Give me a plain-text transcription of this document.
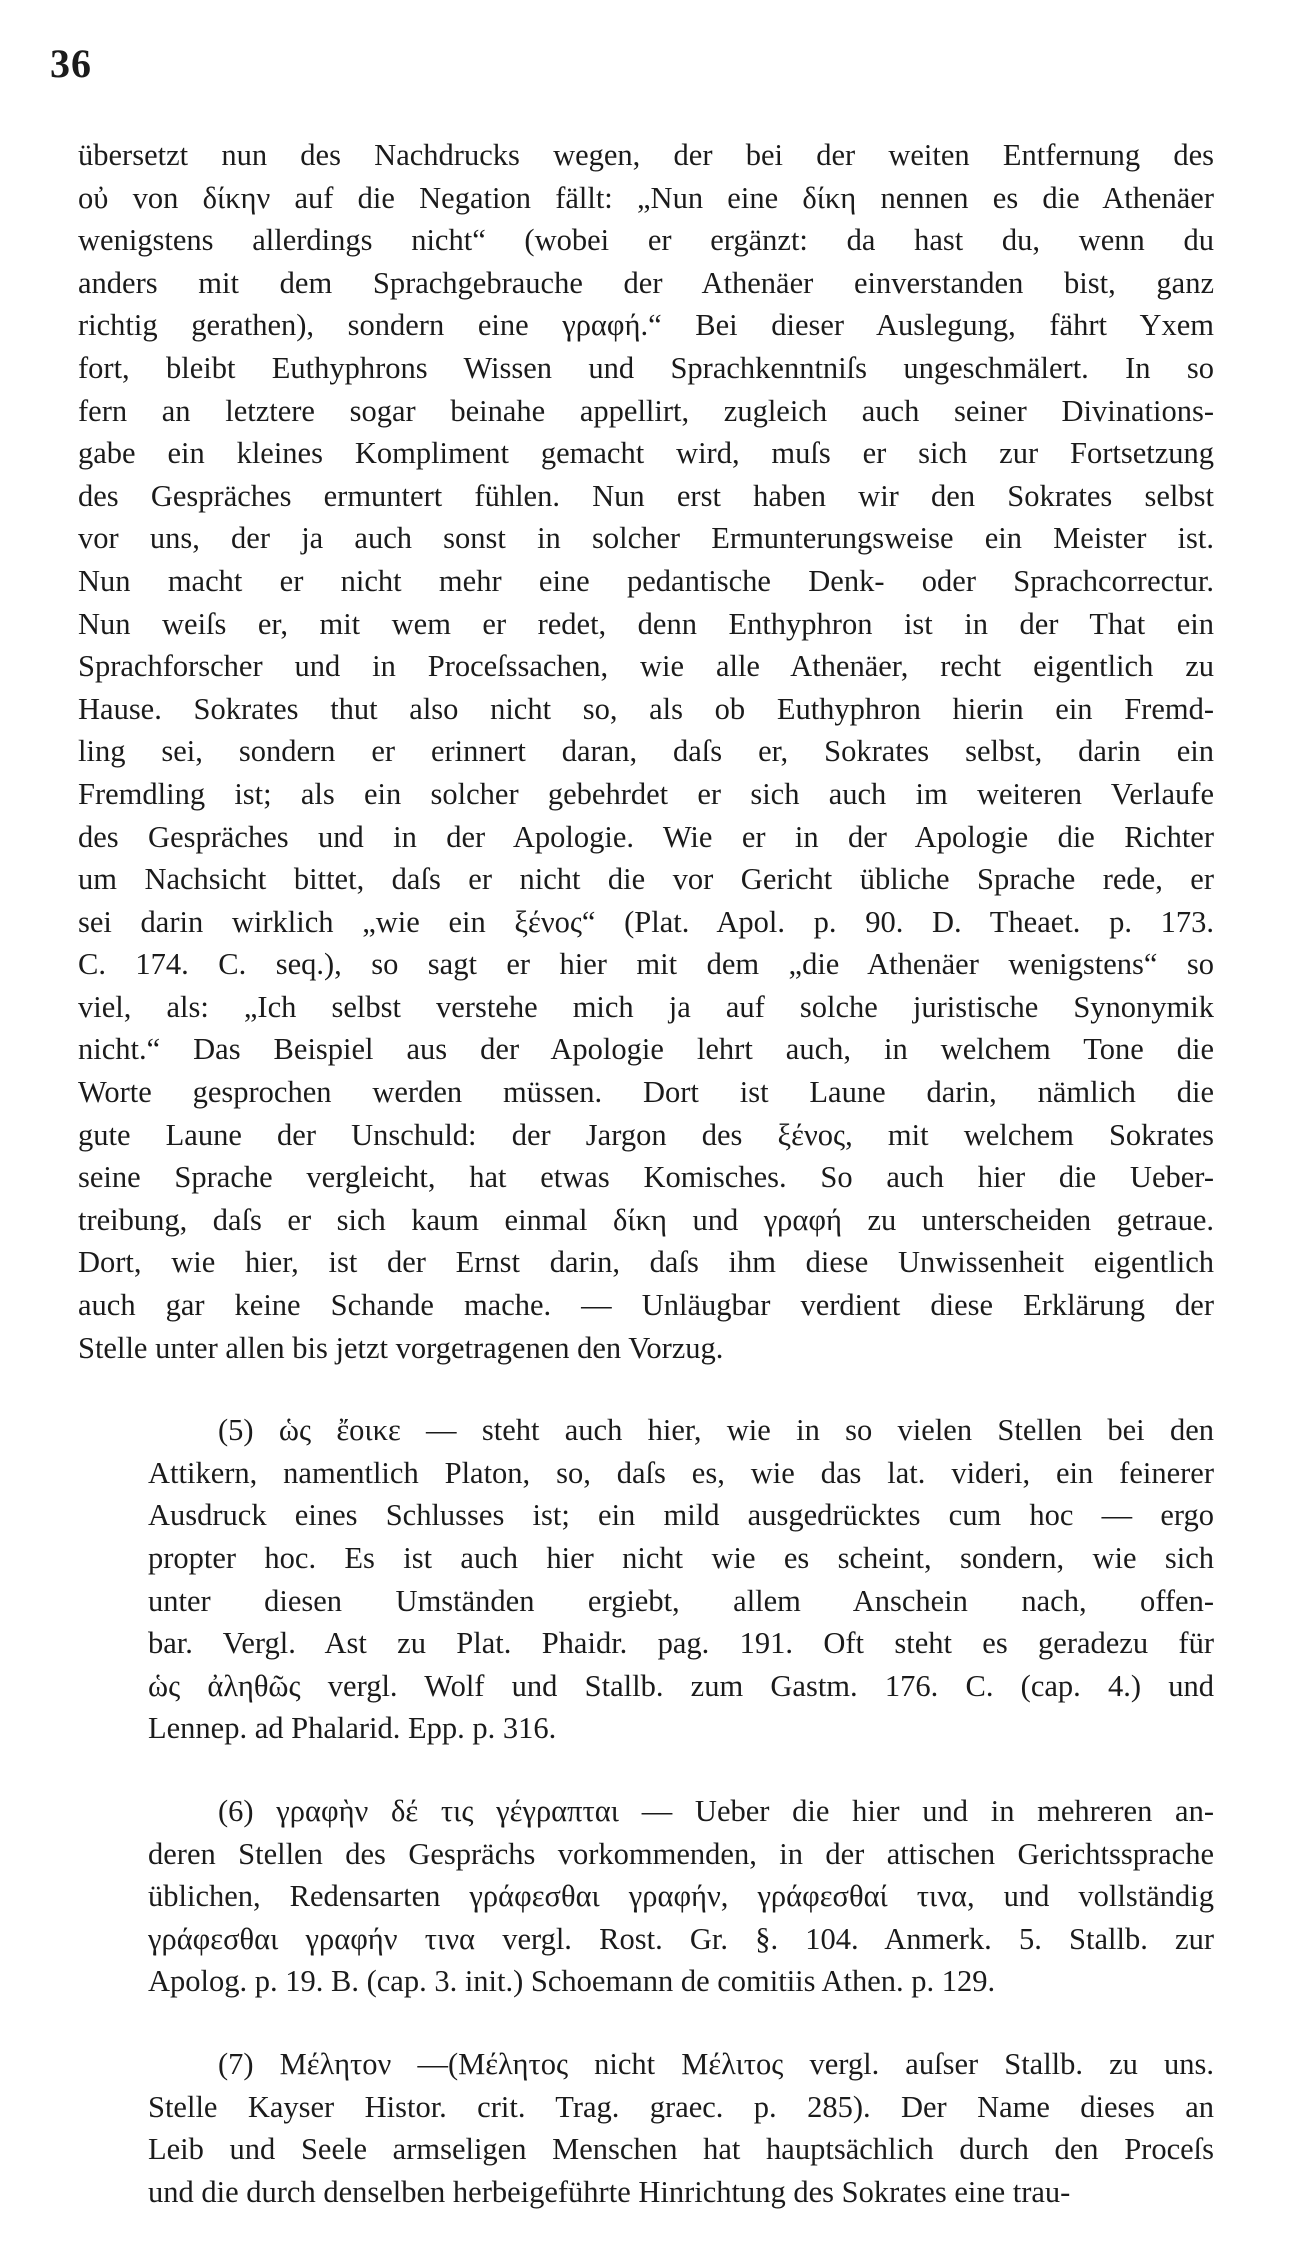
36
übersetzt nun des Nachdrucks wegen, der bei der weiten Entfernung des
οὐ von δίκην auf die Negation fällt: „Nun eine δίκη nennen es die Athenäer
wenigstens allerdings nicht“ (wobei er ergänzt: da hast du, wenn du
anders mit dem Sprachgebrauche der Athenäer einverstanden bist, ganz
richtig gerathen), sondern eine γραφή.“ Bei dieser Auslegung, fährt Yxem
fort, bleibt Euthyphrons Wissen und Sprachkenntniſs ungeschmälert. In so
fern an letztere sogar beinahe appellirt, zugleich auch seiner Divinations-
gabe ein kleines Kompliment gemacht wird, muſs er sich zur Fortsetzung
des Gespräches ermuntert fühlen. Nun erst haben wir den Sokrates selbst
vor uns, der ja auch sonst in solcher Ermunterungsweise ein Meister ist.
Nun macht er nicht mehr eine pedantische Denk- oder Sprachcorrectur.
Nun weiſs er, mit wem er redet, denn Enthyphron ist in der That ein
Sprachforscher und in Proceſssachen, wie alle Athenäer, recht eigentlich zu
Hause. Sokrates thut also nicht so, als ob Euthyphron hierin ein Fremd-
ling sei, sondern er erinnert daran, daſs er, Sokrates selbst, darin ein
Fremdling ist; als ein solcher gebehrdet er sich auch im weiteren Verlaufe
des Gespräches und in der Apologie. Wie er in der Apologie die Richter
um Nachsicht bittet, daſs er nicht die vor Gericht übliche Sprache rede, er
sei darin wirklich „wie ein ξένος“ (Plat. Apol. p. 90. D. Theaet. p. 173.
C. 174. C. seq.), so sagt er hier mit dem „die Athenäer wenigstens“ so
viel, als: „Ich selbst verstehe mich ja auf solche juristische Synonymik
nicht.“ Das Beispiel aus der Apologie lehrt auch, in welchem Tone die
Worte gesprochen werden müssen. Dort ist Laune darin, nämlich die
gute Laune der Unschuld: der Jargon des ξένος, mit welchem Sokrates
seine Sprache vergleicht, hat etwas Komisches. So auch hier die Ueber-
treibung, daſs er sich kaum einmal δίκη und γραφή zu unterscheiden getraue.
Dort, wie hier, ist der Ernst darin, daſs ihm diese Unwissenheit eigentlich
auch gar keine Schande mache. — Unläugbar verdient diese Erklärung der
Stelle unter allen bis jetzt vorgetragenen den Vorzug.
(5) ὡς ἔοικε — steht auch hier, wie in so vielen Stellen bei den
Attikern, namentlich Platon, so, daſs es, wie das lat. videri, ein feinerer
Ausdruck eines Schlusses ist; ein mild ausgedrücktes cum hoc — ergo
propter hoc. Es ist auch hier nicht wie es scheint, sondern, wie sich
unter diesen Umständen ergiebt, allem Anschein nach, offen-
bar. Vergl. Ast zu Plat. Phaidr. pag. 191. Oft steht es geradezu für
ὡς ἀληθῶς vergl. Wolf und Stallb. zum Gastm. 176. C. (cap. 4.) und
Lennep. ad Phalarid. Epp. p. 316.
(6) γραφὴν δέ τις γέγραπται — Ueber die hier und in mehreren an-
deren Stellen des Gesprächs vorkommenden, in der attischen Gerichtssprache
üblichen, Redensarten γράφεσθαι γραφήν, γράφεσθαί τινα, und vollständig
γράφεσθαι γραφήν τινα vergl. Rost. Gr. §. 104. Anmerk. 5. Stallb. zur
Apolog. p. 19. B. (cap. 3. init.) Schoemann de comitiis Athen. p. 129.
(7) Μέλητον —(Μέλητος nicht Μέλιτος vergl. auſser Stallb. zu uns.
Stelle Kayser Histor. crit. Trag. graec. p. 285). Der Name dieses an
Leib und Seele armseligen Menschen hat hauptsächlich durch den Proceſs
und die durch denselben herbeigeführte Hinrichtung des Sokrates eine trau-
